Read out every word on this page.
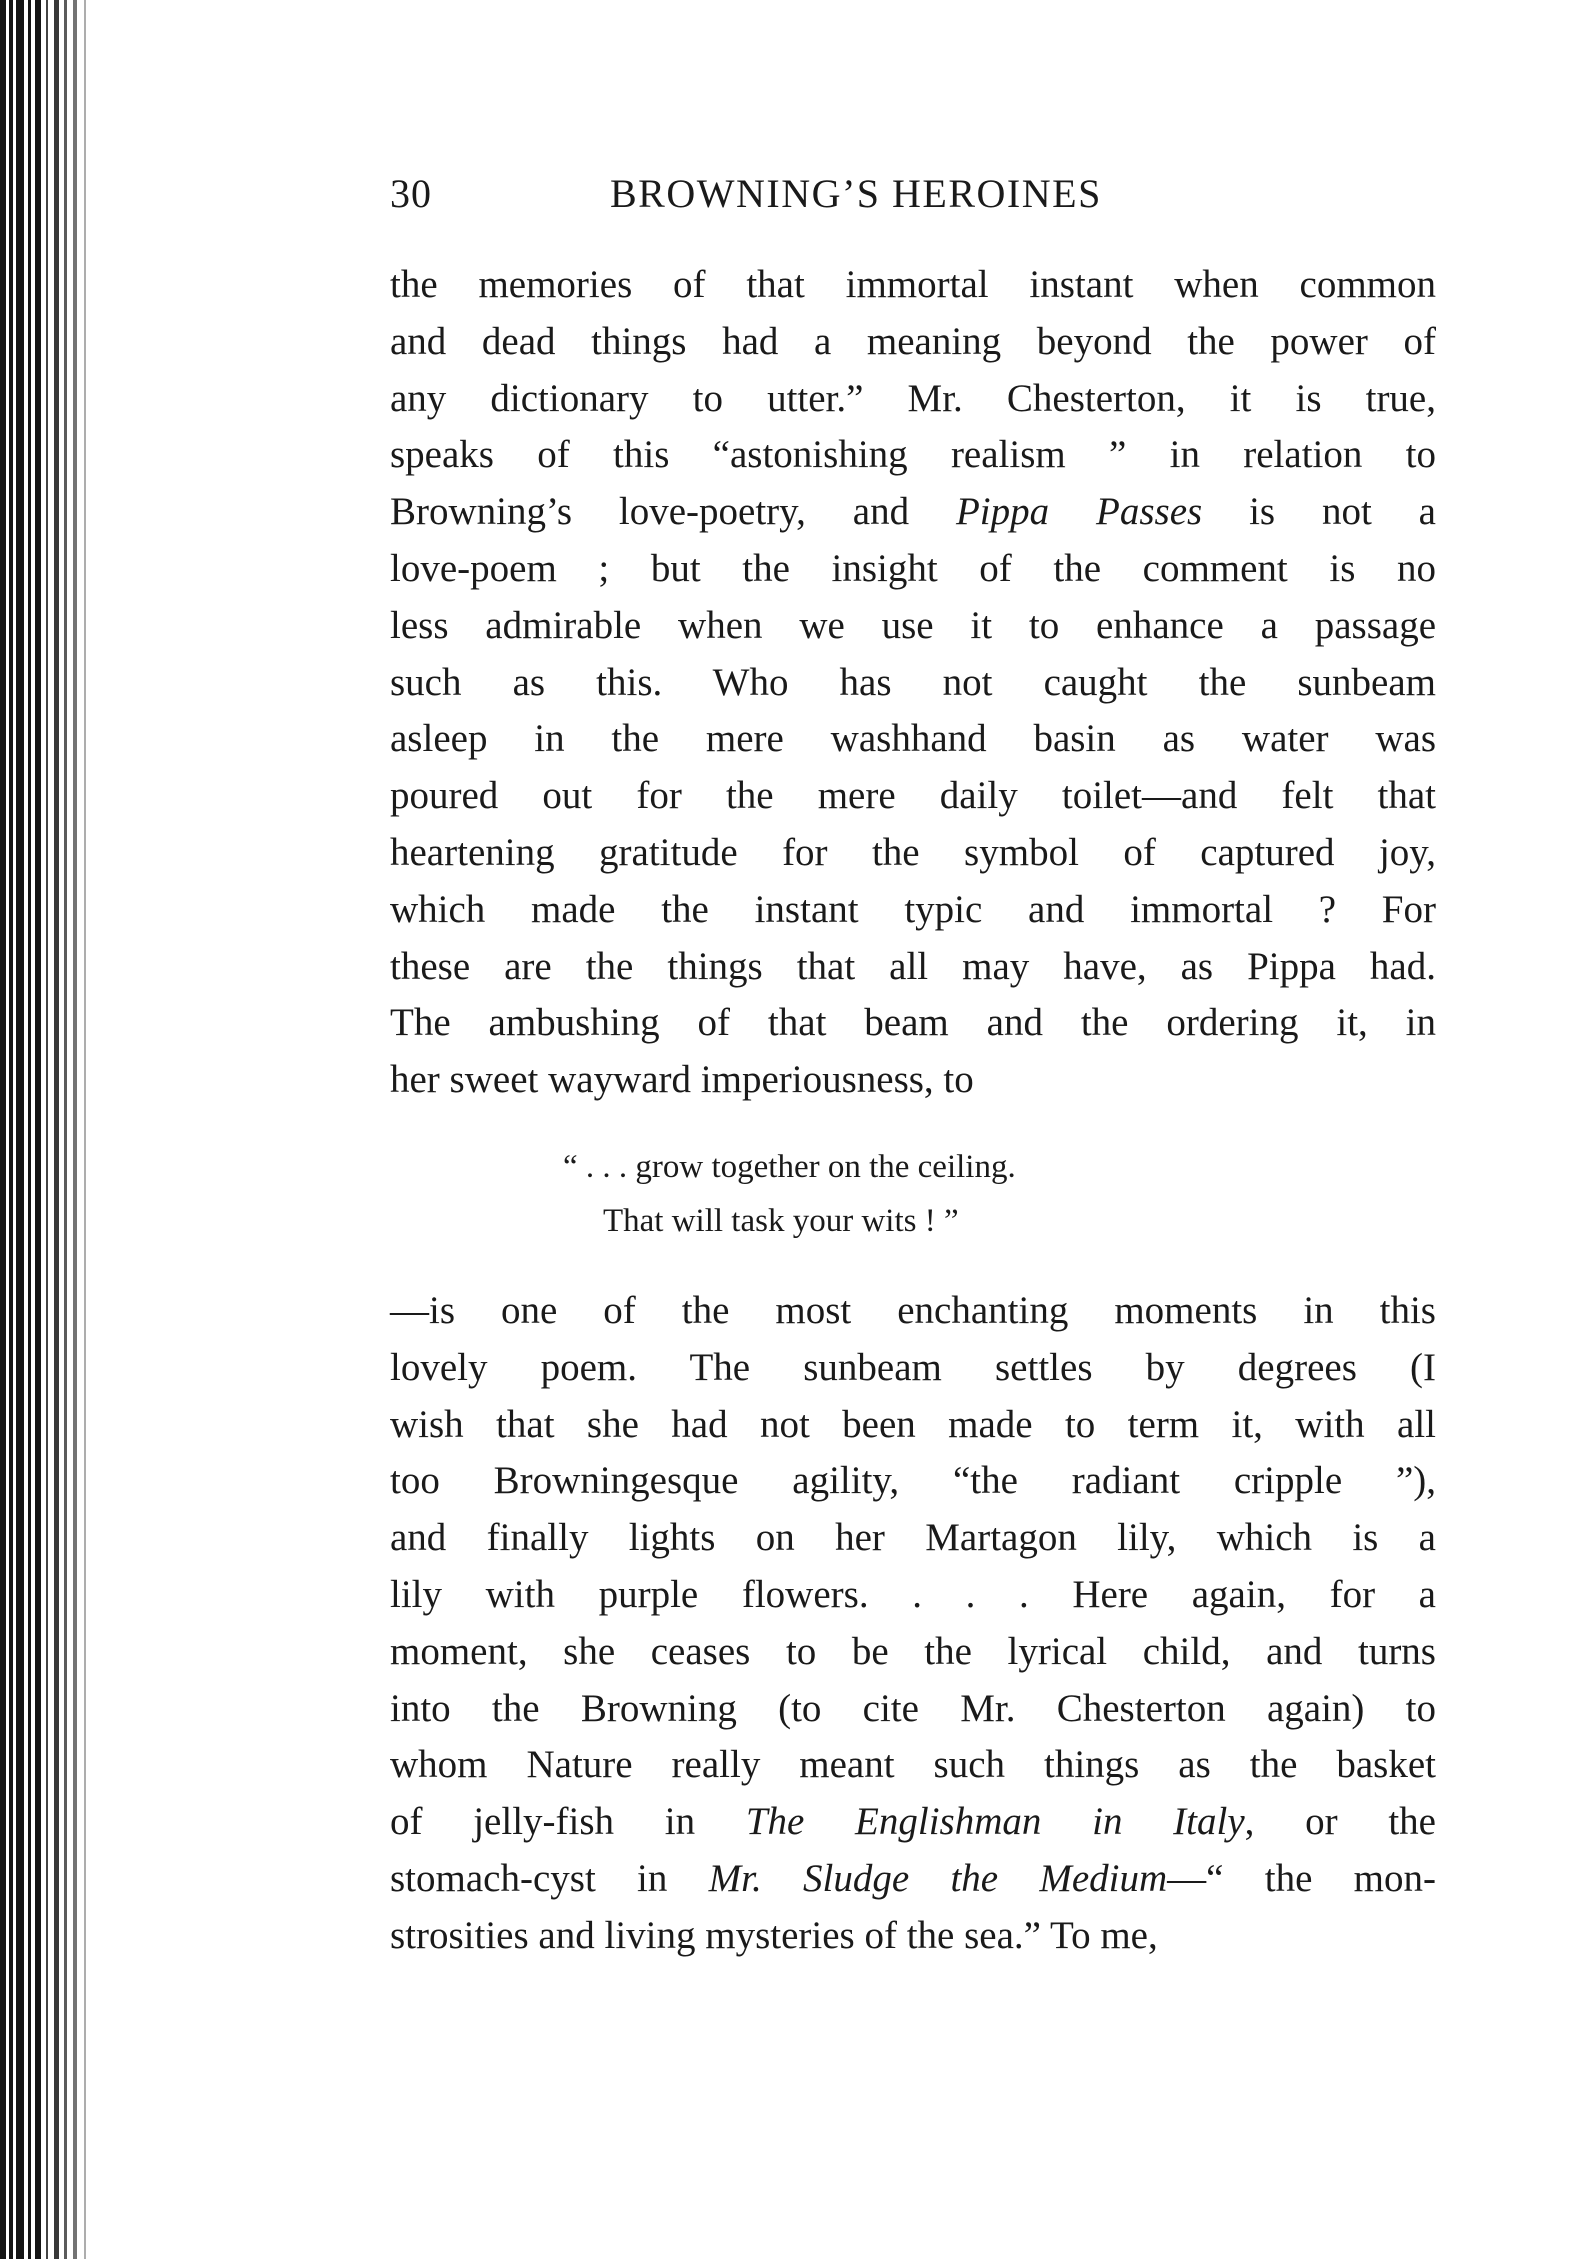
30	BROWNING’S HEROINES
the memories of that immortal instant when common
and dead things had a meaning beyond the power of
any dictionary to utter.” Mr. Chesterton, it is true,
speaks of this “astonishing realism ” in relation to
Browning’s love-poetry, and Pippa Passes is not a
love-poem ; but the insight of the comment is no
less admirable when we use it to enhance a passage
such as this. Who has not caught the sunbeam
asleep in the mere washhand basin as water was
poured out for the mere daily toilet—and felt that
heartening gratitude for the symbol of captured joy,
which made the instant typic and immortal ? For
these are the things that all may have, as Pippa had.
The ambushing of that beam and the ordering it, in
her sweet wayward imperiousness, to
“ . . . grow together on the ceiling.
That will task your wits ! ”
—is one of the most enchanting moments in this
lovely poem. The sunbeam settles by degrees (I
wish that she had not been made to term it, with all
too Browningesque agility, “the radiant cripple ”),
and finally lights on her Martagon lily, which is a
lily with purple flowers. . . . Here again, for a
moment, she ceases to be the lyrical child, and turns
into the Browning (to cite Mr. Chesterton again) to
whom Nature really meant such things as the basket
of jelly-fish in The Englishman in Italy, or the
stomach-cyst in Mr. Sludge the Medium—“ the mon-
strosities and living mysteries of the sea.” To me,
